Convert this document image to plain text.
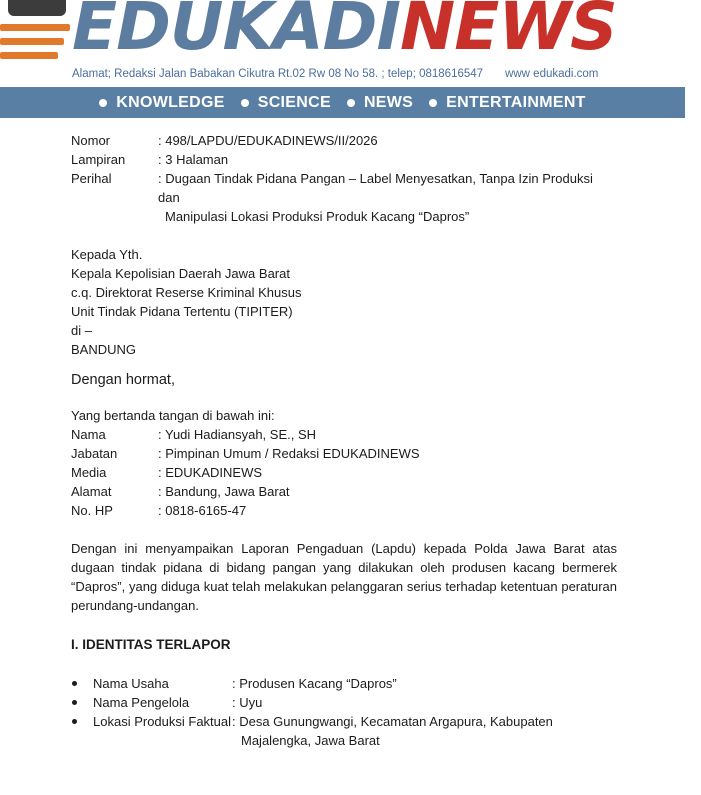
EDUKADINEWS
Alamat; Redaksi Jalan Babakan Cikutra Rt.02 Rw 08 No 58. ; telep; 0818616547 www edukadi.com
KNOWLEDGE SCIENCE NEWS ENTERTAINMENT
Nomor	: 498/LAPDU/EDUKADINEWS/II/2026
Lampiran	: 3 Halaman
Perihal	: Dugaan Tindak Pidana Pangan – Label Menyesatkan, Tanpa Izin Produksi dan
Manipulasi Lokasi Produksi Produk Kacang “Dapros”
Kepada Yth.
Kepala Kepolisian Daerah Jawa Barat
c.q. Direktorat Reserse Kriminal Khusus
Unit Tindak Pidana Tertentu (TIPITER)
di –
BANDUNG
Dengan hormat,
Yang bertanda tangan di bawah ini:
Nama	: Yudi Hadiansyah, SE., SH
Jabatan	: Pimpinan Umum / Redaksi EDUKADINEWS
Media	: EDUKADINEWS
Alamat	: Bandung, Jawa Barat
No. HP	: 0818-6165-47

Dengan ini menyampaikan Laporan Pengaduan (Lapdu) kepada Polda Jawa Barat atas dugaan tindak pidana di bidang pangan yang dilakukan oleh produsen kacang bermerek “Dapros”, yang diduga kuat telah melakukan pelanggaran serius terhadap ketentuan peraturan perundang-undangan.

I. IDENTITAS TERLAPOR
Nama Usaha	: Produsen Kacang “Dapros”
Nama Pengelola	: Uyu
Lokasi Produksi Faktual : Desa Gunungwangi, Kecamatan Argapura, Kabupaten
Majalengka, Jawa Barat
